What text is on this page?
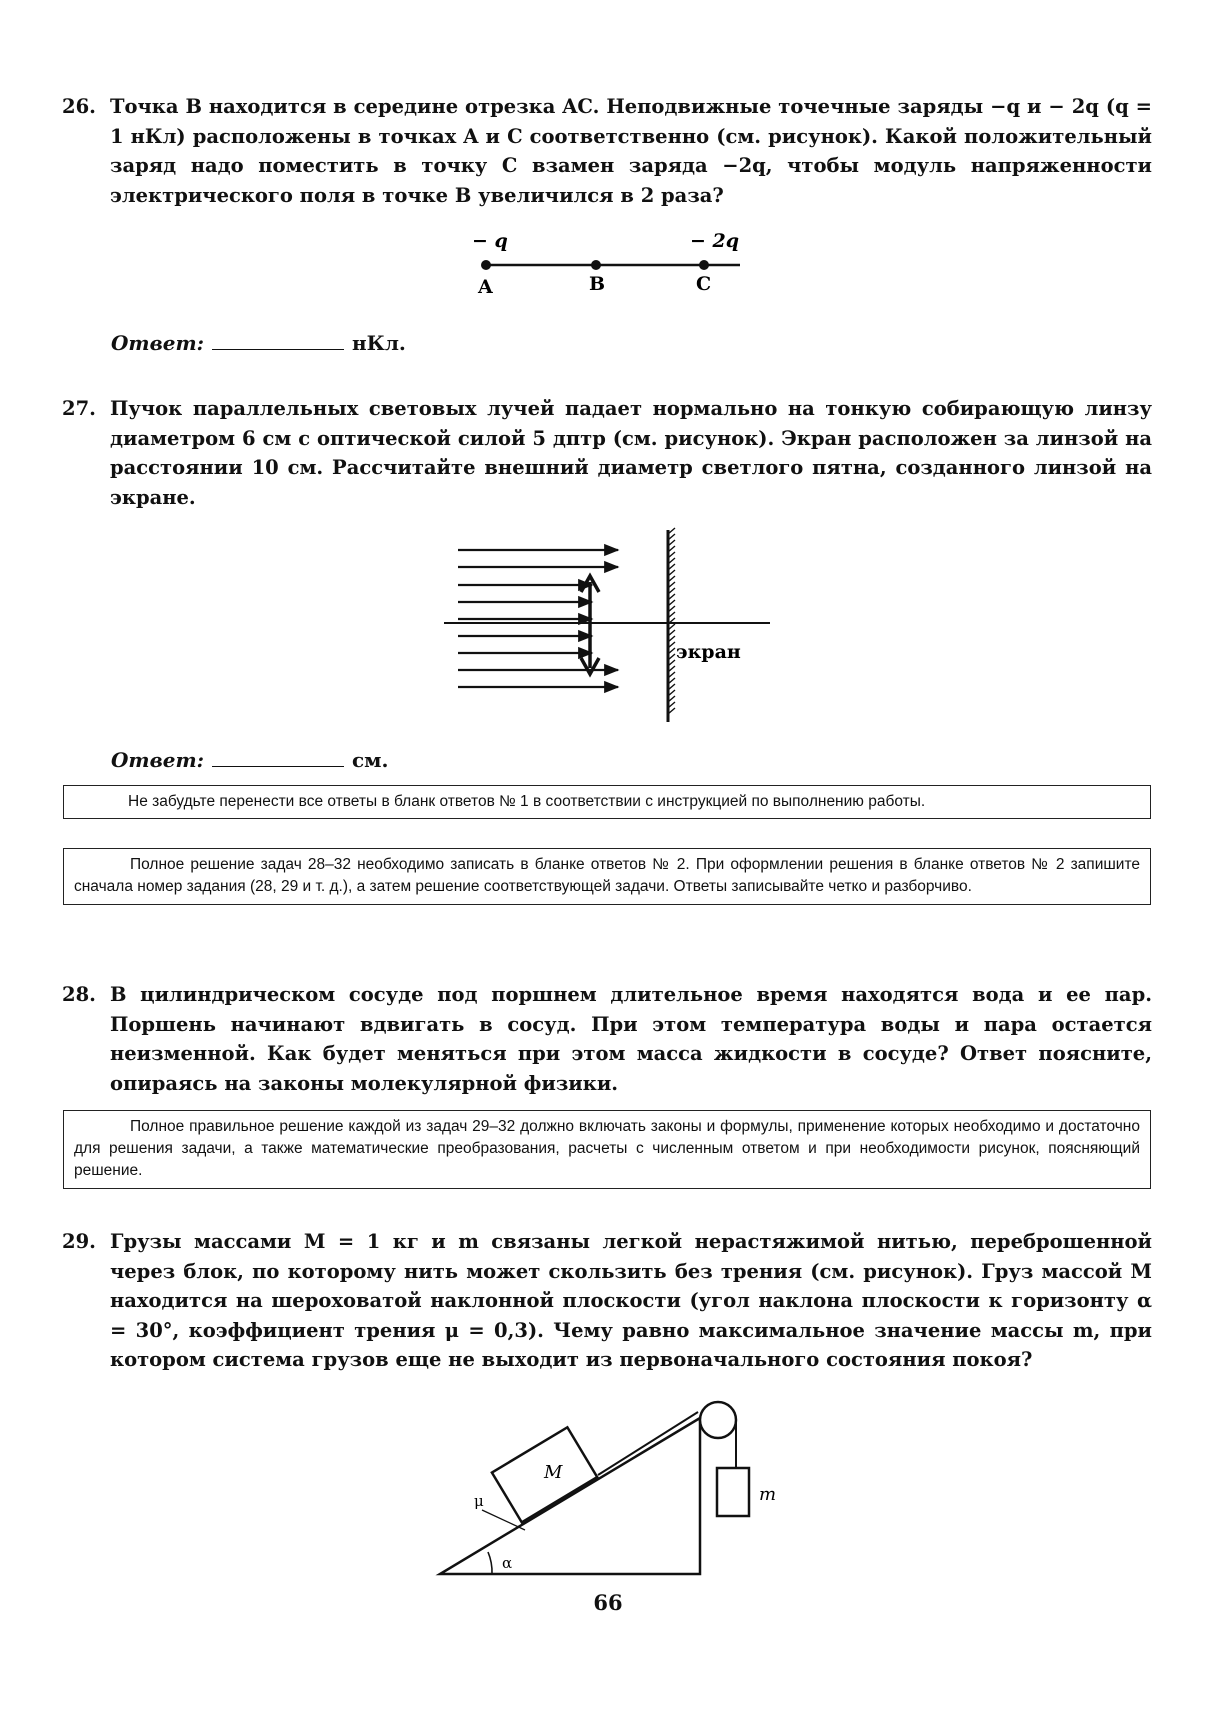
26. Точка B находится в середине отрезка AC. Неподвижные точечные заряды −q и − 2q (q = 1 нКл) расположены в точках A и C соответственно (см. рисунок). Какой положительный заряд надо поместить в точку C взамен заряда −2q, чтобы модуль напряженности электрического поля в точке B увеличился в 2 раза?
− q	− 2q
A	B	C
Ответ:	нКл.
27. Пучок параллельных световых лучей падает нормально на тонкую собирающую линзу диаметром 6 см с оптической силой 5 дптр (см. рисунок). Экран расположен за линзой на расстоянии 10 см. Рассчитайте внешний диаметр светлого пятна, созданного линзой на экране.
экран
Ответ:	см.
Не забудьте перенести все ответы в бланк ответов № 1 в соответствии с инструкцией по выполнению работы.
Полное решение задач 28–32 необходимо записать в бланке ответов № 2. При оформлении решения в бланке ответов № 2 запишите сначала номер задания (28, 29 и т. д.), а затем решение соответствующей задачи. Ответы записывайте четко и разборчиво.
28. В цилиндрическом сосуде под поршнем длительное время находятся вода и ее пар. Поршень начинают вдвигать в сосуд. При этом температура воды и пара остается неизменной. Как будет меняться при этом масса жидкости в сосуде? Ответ поясните, опираясь на законы молекулярной физики.
Полное правильное решение каждой из задач 29–32 должно включать законы и формулы, применение которых необходимо и достаточно для решения задачи, а также математические преобразования, расчеты с численным ответом и при необходимости рисунок, поясняющий решение.
29. Грузы массами M = 1 кг и m связаны легкой нерастяжимой нитью, переброшенной через блок, по которому нить может скользить без трения (см. рисунок). Груз массой M находится на шероховатой наклонной плоскости (угол наклона плоскости к горизонту α = 30°, коэффициент трения μ = 0,3). Чему равно максимальное значение массы m, при котором система грузов еще не выходит из первоначального состояния покоя?
M
m
μ
α
66
